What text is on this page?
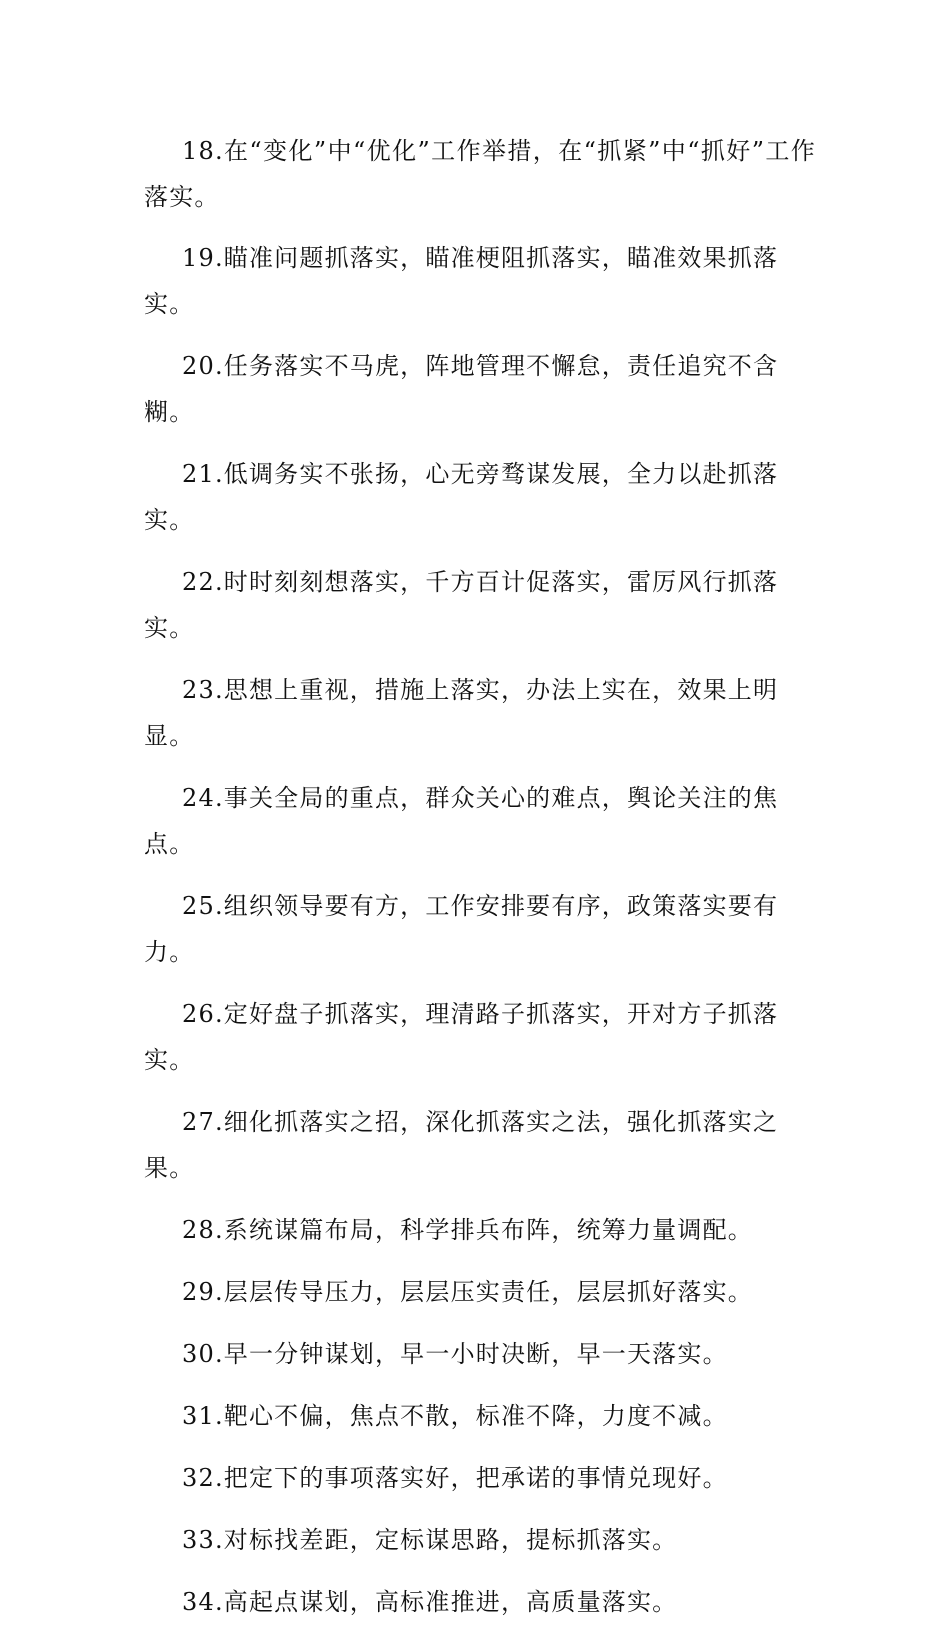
18.在“变化”中“优化”工作举措，在“抓紧”中“抓好”工作落实。

19.瞄准问题抓落实，瞄准梗阻抓落实，瞄准效果抓落实。

20.任务落实不马虎，阵地管理不懈怠，责任追究不含糊。

21.低调务实不张扬，心无旁骛谋发展，全力以赴抓落实。

22.时时刻刻想落实，千方百计促落实，雷厉风行抓落实。

23.思想上重视，措施上落实，办法上实在，效果上明显。

24.事关全局的重点，群众关心的难点，舆论关注的焦点。

25.组织领导要有方，工作安排要有序，政策落实要有力。

26.定好盘子抓落实，理清路子抓落实，开对方子抓落实。

27.细化抓落实之招，深化抓落实之法，强化抓落实之果。

28.系统谋篇布局，科学排兵布阵，统筹力量调配。

29.层层传导压力，层层压实责任，层层抓好落实。

30.早一分钟谋划，早一小时决断，早一天落实。

31.靶心不偏，焦点不散，标准不降，力度不减。

32.把定下的事项落实好，把承诺的事情兑现好。

33.对标找差距，定标谋思路，提标抓落实。

34.高起点谋划，高标准推进，高质量落实。
